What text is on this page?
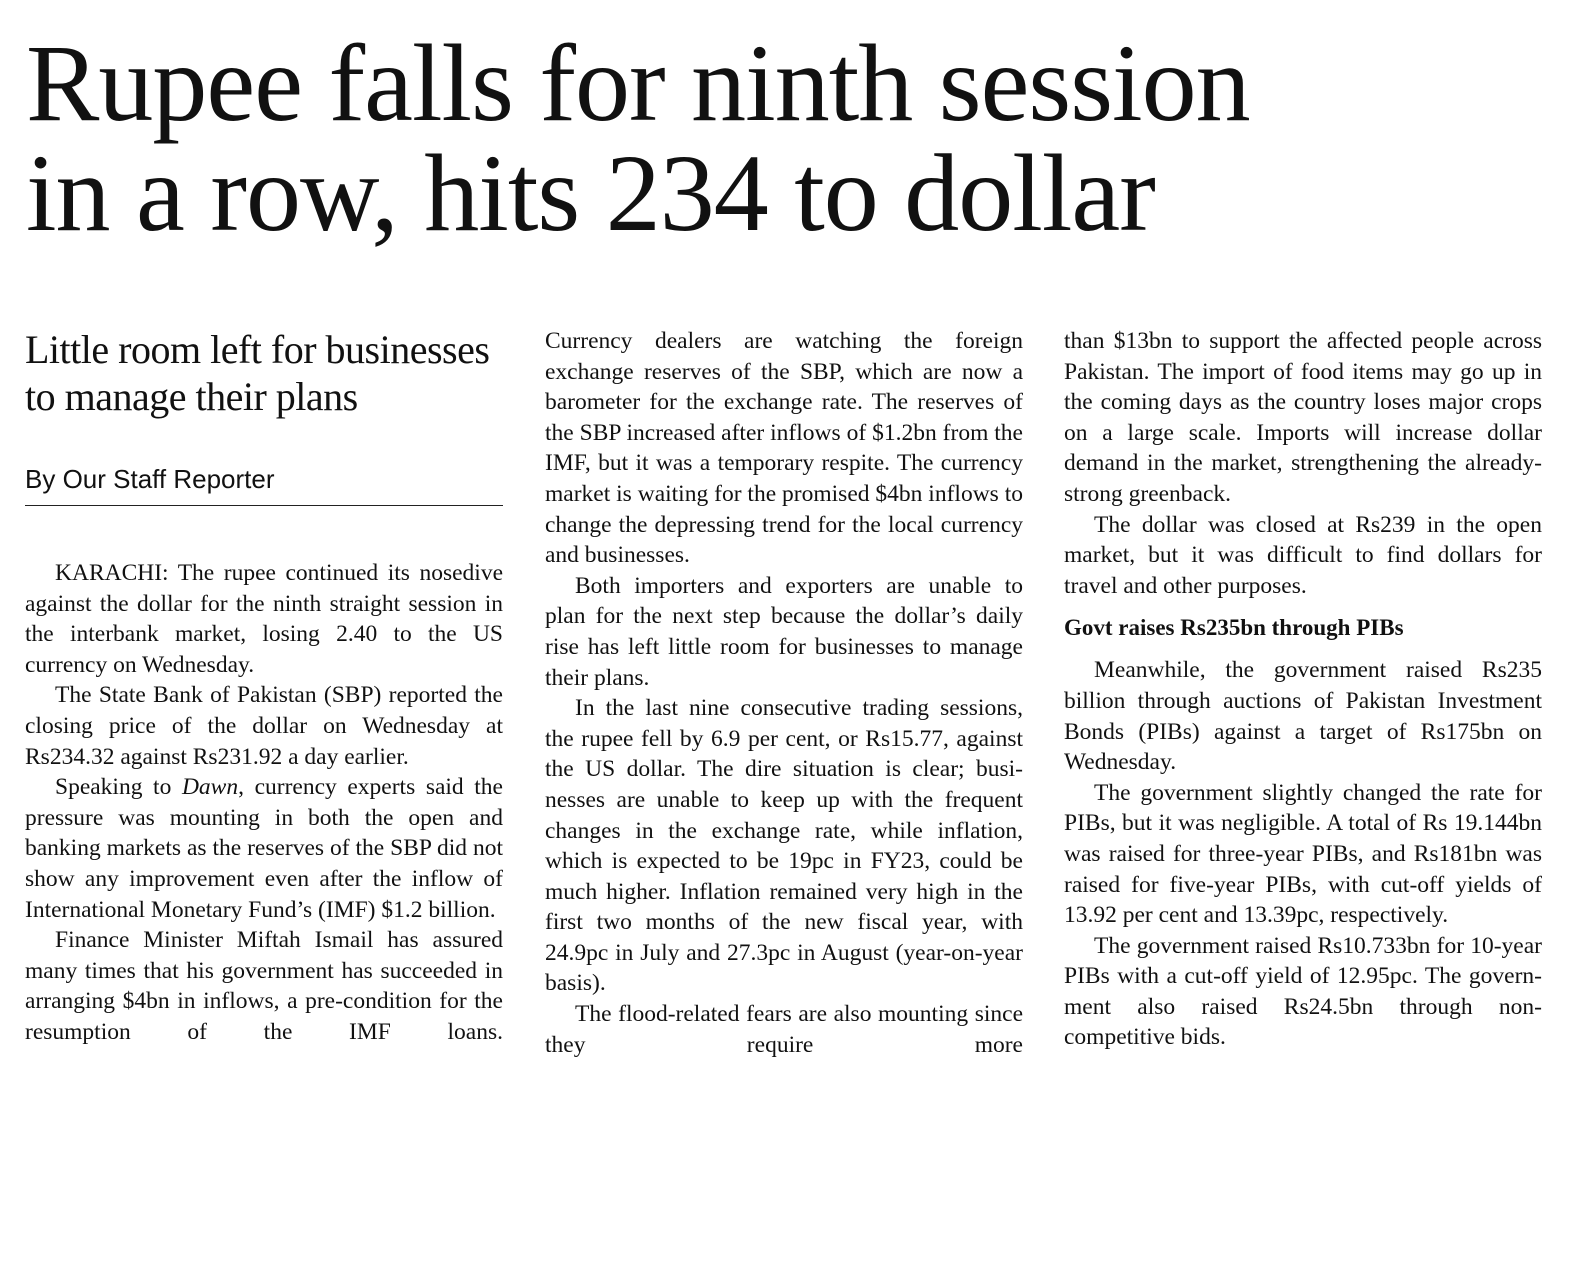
Rupee falls for ninth session
in a row, hits 234 to dollar
Little room left for businesses to manage their plans
By Our Staff Reporter

KARACHI: The rupee continued its nosedive against the dollar for the ninth straight session in the interbank market, losing 2.40 to the US currency on Wednesday.

The State Bank of Pakistan (SBP) reported the closing price of the dollar on Wednesday at Rs234.32 against Rs231.92 a day earlier.

Speaking to Dawn, currency experts said the pressure was mounting in both the open and banking markets as the reserves of the SBP did not show any improvement even after the inflow of International Monetary Fund’s (IMF) $1.2 billion.

Finance Minister Miftah Ismail has assured many times that his government has succeeded in arranging $4bn in inflows, a pre-condition for the resumption of the IMF loans.

Currency dealers are watching the foreign exchange reserves of the SBP, which are now a barometer for the exchange rate. The reserves of the SBP increased after inflows of $1.2bn from the IMF, but it was a temporary respite. The currency market is waiting for the promised $4bn inflows to change the depressing trend for the local currency and businesses.

Both importers and exporters are unable to plan for the next step because the dollar’s daily rise has left little room for businesses to manage their plans.

In the last nine consecutive trading sessions, the rupee fell by 6.9 per cent, or Rs15.77, against the US dollar. The dire situation is clear; businesses are unable to keep up with the frequent changes in the exchange rate, while inflation, which is expected to be 19pc in FY23, could be much higher. Inflation remained very high in the first two months of the new fiscal year, with 24.9pc in July and 27.3pc in August (year-on-year basis).

The flood-related fears are also mounting since they require more

than $13bn to support the affected people across Pakistan. The import of food items may go up in the coming days as the country loses major crops on a large scale. Imports will increase dollar demand in the market, strengthening the already-strong greenback.

The dollar was closed at Rs239 in the open market, but it was difficult to find dollars for travel and other purposes.

Govt raises Rs235bn through PIBs

Meanwhile, the government raised Rs235 billion through auctions of Pakistan Investment Bonds (PIBs) against a target of Rs175bn on Wednesday.

The government slightly changed the rate for PIBs, but it was negligible. A total of Rs 19.144bn was raised for three-year PIBs, and Rs181bn was raised for five-year PIBs, with cut-off yields of 13.92 per cent and 13.39pc, respectively.

The government raised Rs10.733bn for 10-year PIBs with a cut-off yield of 12.95pc. The government also raised Rs24.5bn through non-competitive bids.
